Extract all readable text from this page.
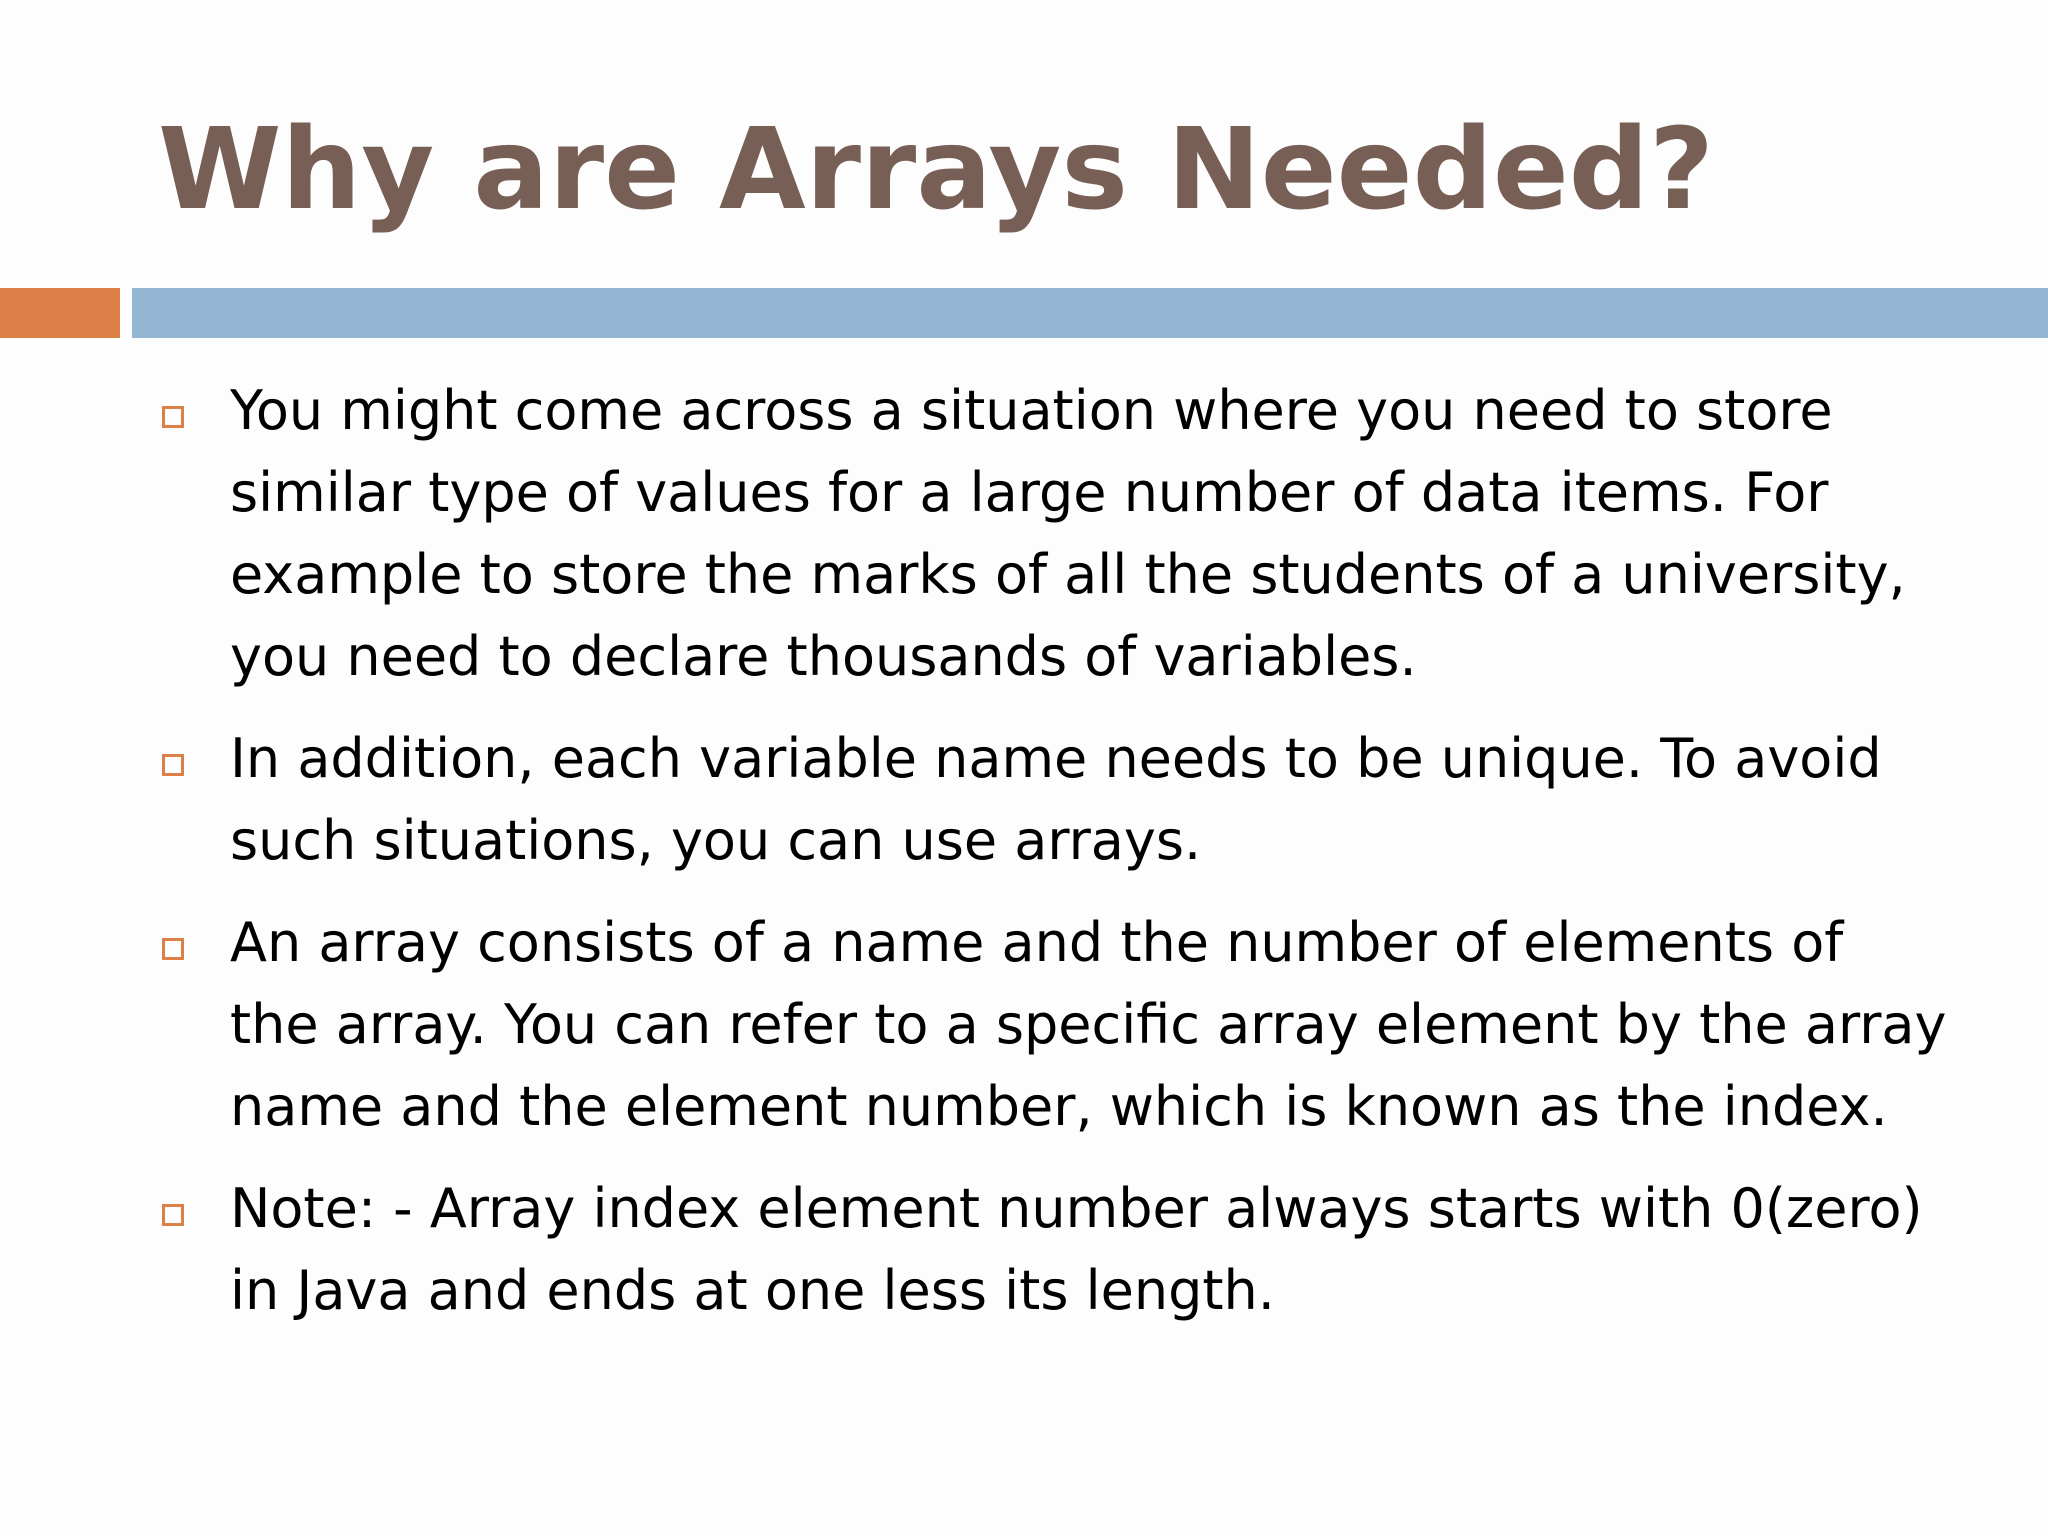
Why are Arrays Needed?
You might come across a situation where you need to store similar type of values for a large number of data items. For example to store the marks of all the students of a university, you need to declare thousands of variables.
In addition, each variable name needs to be unique. To avoid such situations, you can use arrays.
An array consists of a name and the number of elements of the array. You can refer to a specific array element by the array name and the element number, which is known as the index.
Note: - Array index element number always starts with 0(zero) in Java and ends at one less its length.
